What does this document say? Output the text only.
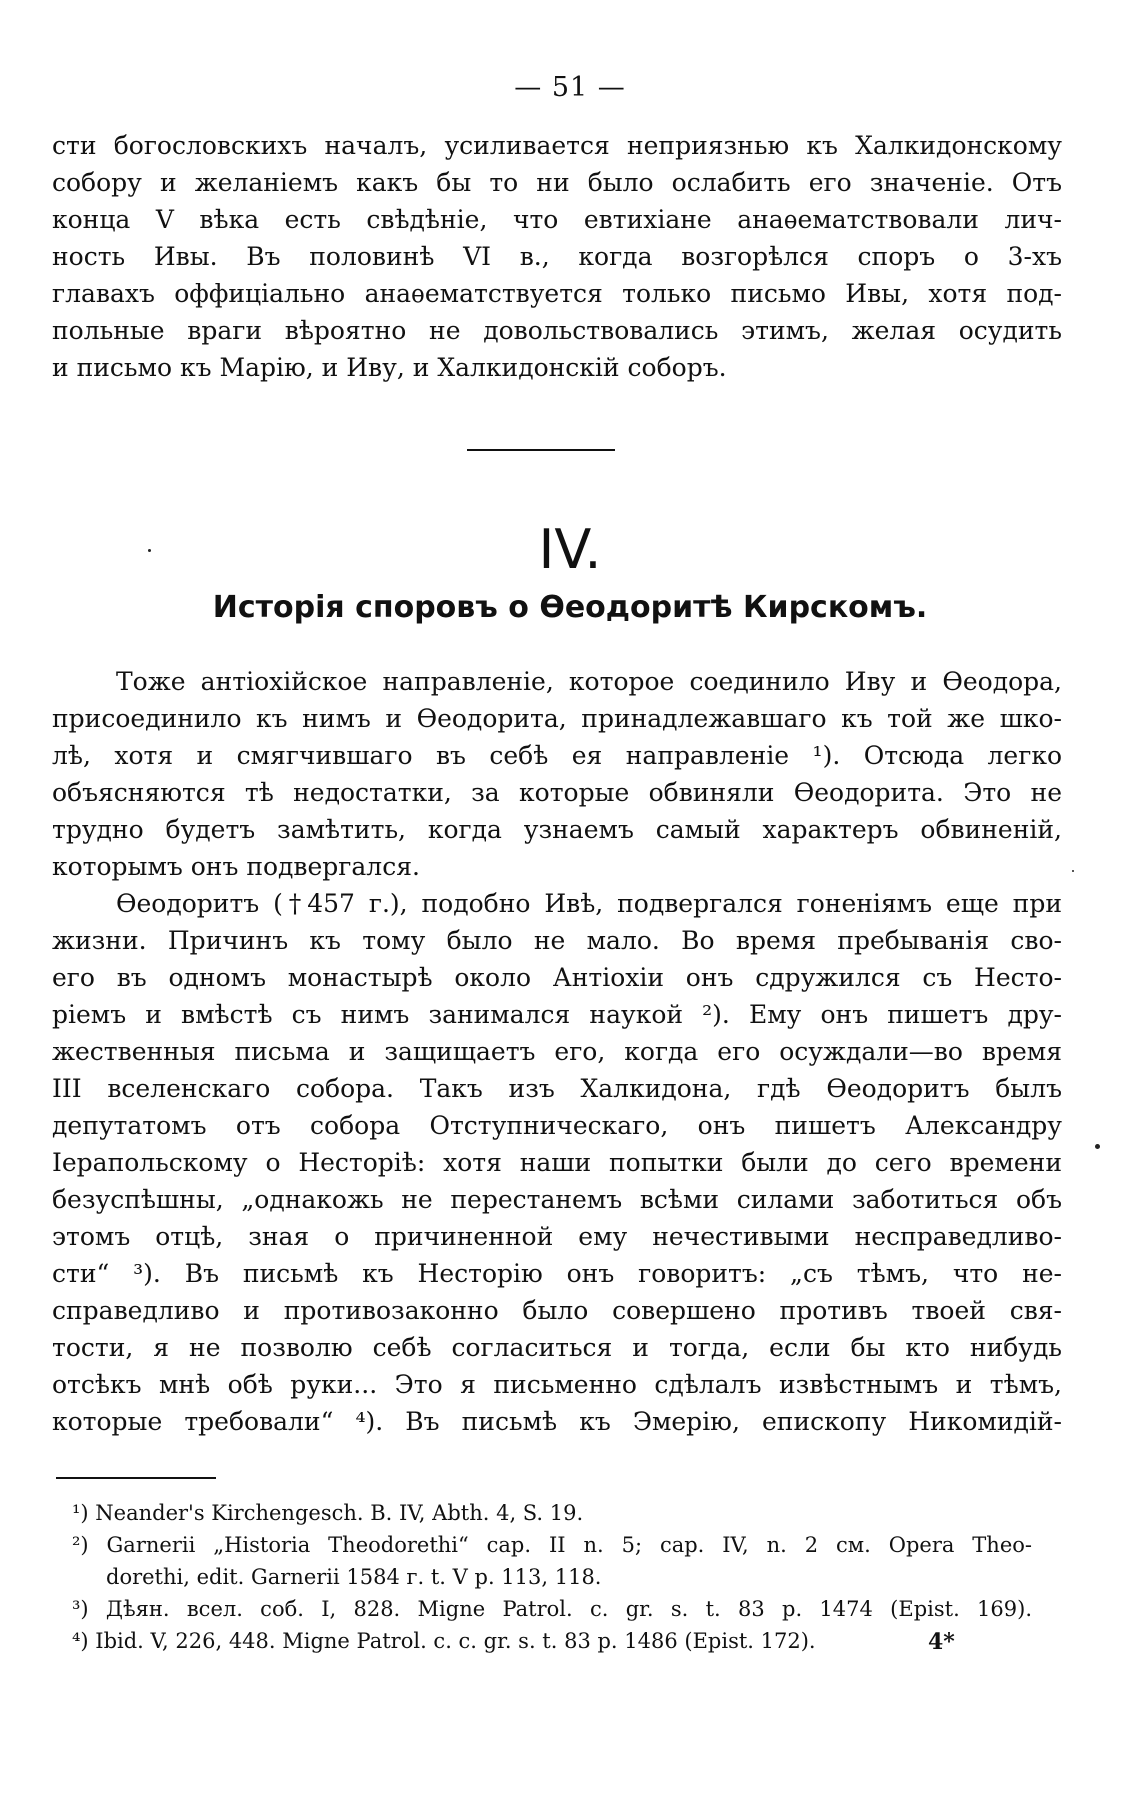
— 51 —
сти богословскихъ началъ, усиливается неприязнью къ Халкидонскому
собору и желаніемъ какъ бы то ни было ослабить его значеніе. Отъ
конца V вѣка есть свѣдѣніе, что евтихіане анаѳематствовали лич-
ность Ивы. Въ половинѣ VI в., когда возгорѣлся споръ о 3-хъ
главахъ оффиціально анаѳематствуется только письмо Ивы, хотя под-
польные враги вѣроятно не довольствовались этимъ, желая осудить
и письмо къ Марію, и Иву, и Халкидонскій соборъ.
IV.
Исторія споровъ о Ѳеодоритѣ Кирскомъ.
Тоже антіохійское направленіе, которое соединило Иву и Ѳеодора,
присоединило къ нимъ и Ѳеодорита, принадлежавшаго къ той же шко-
лѣ, хотя и смягчившаго въ себѣ ея направленіе ¹). Отсюда легко
объясняются тѣ недостатки, за которые обвиняли Ѳеодорита. Это не
трудно будетъ замѣтить, когда узнаемъ самый характеръ обвиненій,
которымъ онъ подвергался.
Ѳеодоритъ (†457 г.), подобно Ивѣ, подвергался гоненіямъ еще при
жизни. Причинъ къ тому было не мало. Во время пребыванія сво-
его въ одномъ монастырѣ около Антіохіи онъ сдружился съ Несто-
ріемъ и вмѣстѣ съ нимъ занимался наукой ²). Ему онъ пишетъ дру-
жественныя письма и защищаетъ его, когда его осуждали—во время
III вселенскаго собора. Такъ изъ Халкидона, гдѣ Ѳеодоритъ былъ
депутатомъ отъ собора Отступническаго, онъ пишетъ Александру
Іерапольскому о Несторіѣ: хотя наши попытки были до сего времени
безуспѣшны, „однакожь не перестанемъ всѣми силами заботиться объ
этомъ отцѣ, зная о причиненной ему нечестивыми несправедливо-
сти“ ³). Въ письмѣ къ Несторію онъ говоритъ: „съ тѣмъ, что не-
справедливо и противозаконно было совершено противъ твоей свя-
тости, я не позволю себѣ согласиться и тогда, если бы кто нибудь
отсѣкъ мнѣ обѣ руки... Это я письменно сдѣлалъ извѣстнымъ и тѣмъ,
которые требовали“ ⁴). Въ письмѣ къ Эмерію, епископу Никомидій-
¹) Neander's Kirchengesch. B. IV, Abth. 4, S. 19.
²) Garnerii „Historia Theodorethi“ cap. II n. 5; cap. IV, n. 2 см. Opera Theo-
dorethi, edit. Garnerii 1584 г. t. V p. 113, 118.
³) Дѣян. всел. соб. I, 828. Migne Patrol. c. gr. s. t. 83 p. 1474 (Epist. 169).
⁴) Ibid. V, 226, 448. Migne Patrol. c. c. gr. s. t. 83 p. 1486 (Epist. 172).	4*
